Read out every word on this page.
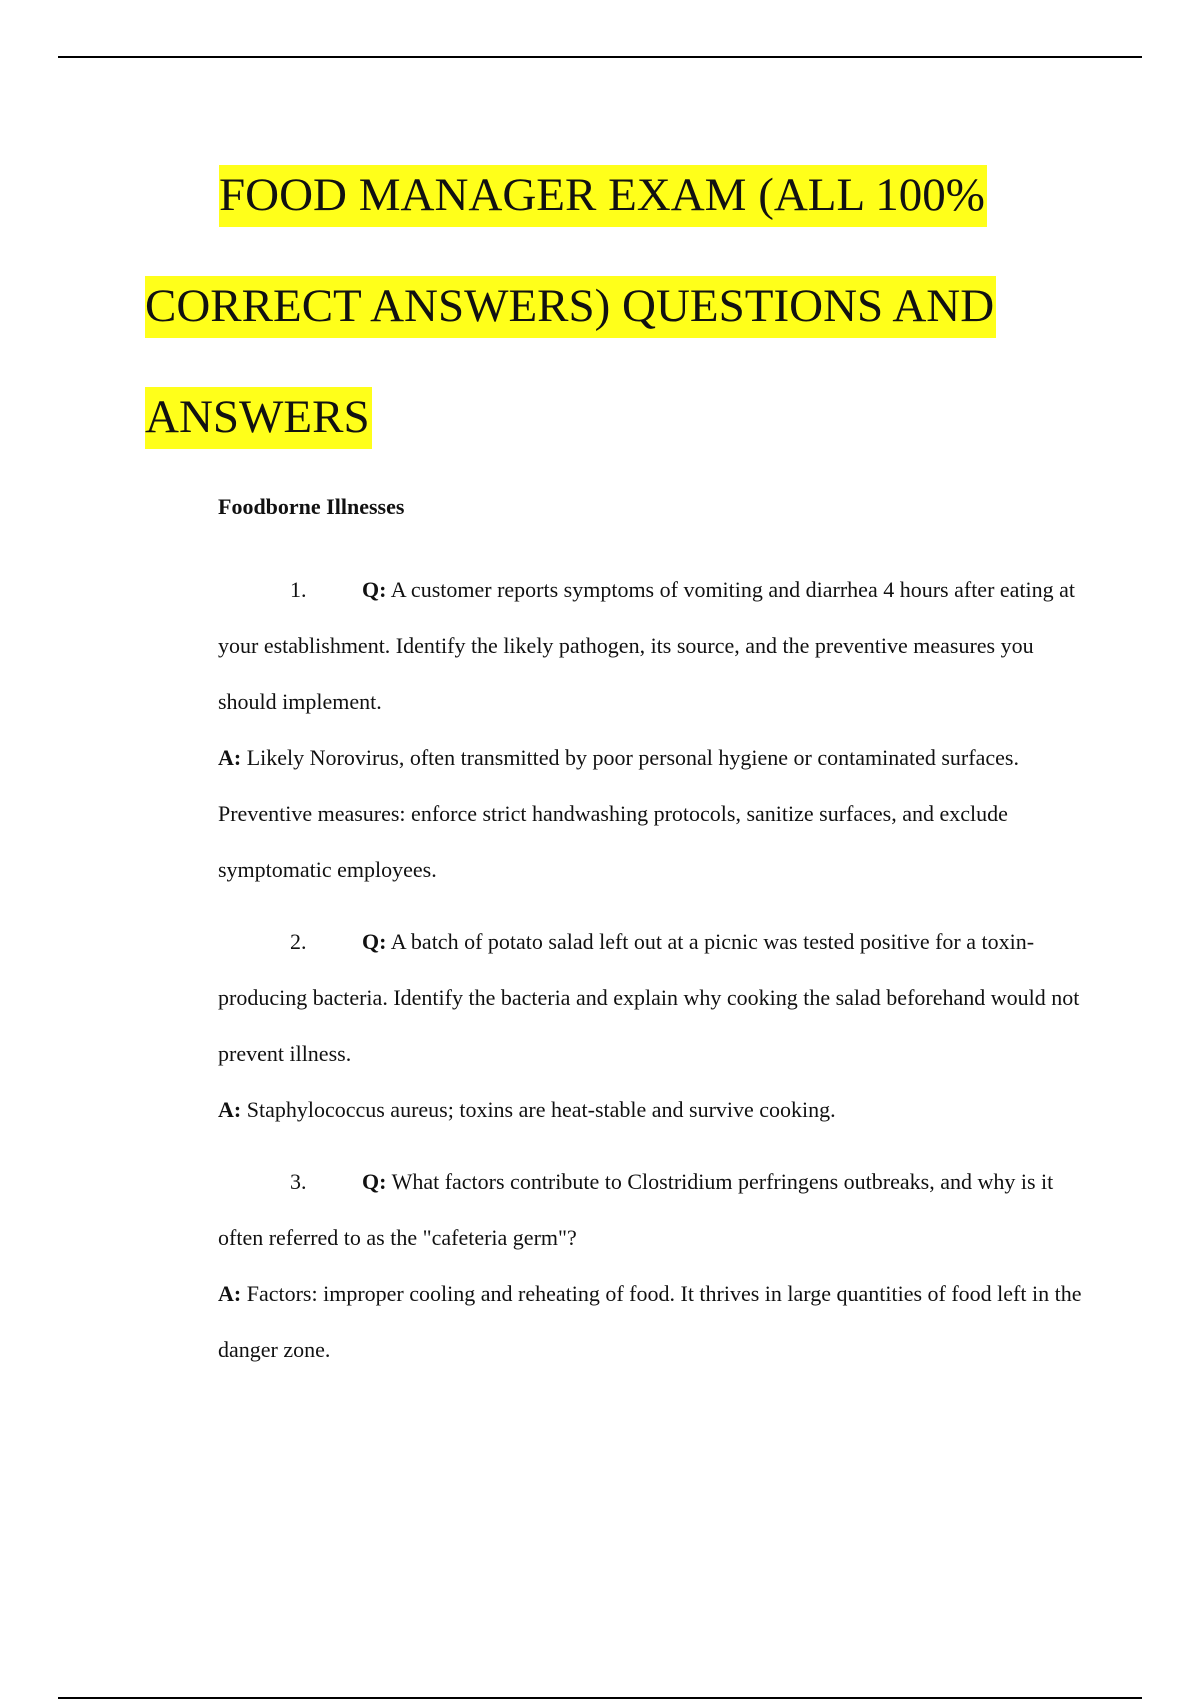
FOOD MANAGER EXAM (ALL 100%
CORRECT ANSWERS) QUESTIONS AND
ANSWERS

Foodborne Illnesses

1.	Q: A customer reports symptoms of vomiting and diarrhea 4 hours after eating at your establishment. Identify the likely pathogen, its source, and the preventive measures you should implement.

A: Likely Norovirus, often transmitted by poor personal hygiene or contaminated surfaces. Preventive measures: enforce strict handwashing protocols, sanitize surfaces, and exclude symptomatic employees.

2.	Q: A batch of potato salad left out at a picnic was tested positive for a toxin-producing bacteria. Identify the bacteria and explain why cooking the salad beforehand would not prevent illness.

A: Staphylococcus aureus; toxins are heat-stable and survive cooking.

3.	Q: What factors contribute to Clostridium perfringens outbreaks, and why is it often referred to as the "cafeteria germ"?

A: Factors: improper cooling and reheating of food. It thrives in large quantities of food left in the danger zone.
